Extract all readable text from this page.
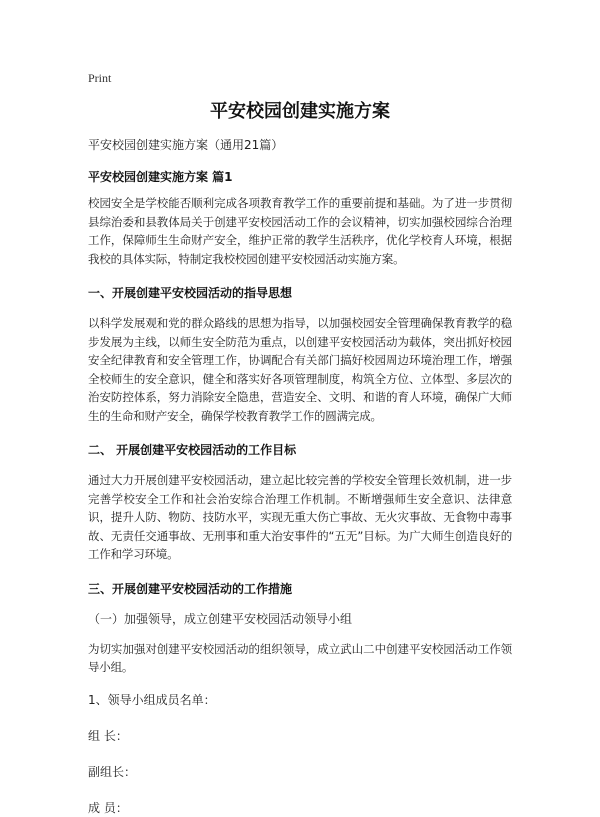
Print
平安校园创建实施方案
平安校园创建实施方案（通用21篇）
平安校园创建实施方案 篇1
校园安全是学校能否顺利完成各项教育教学工作的重要前提和基础。为了进一步贯彻县综治委和县教体局关于创建平安校园活动工作的会议精神，切实加强校园综合治理工作，保障师生生命财产安全，维护正常的教学生活秩序，优化学校育人环境，根据我校的具体实际，特制定我校校园创建平安校园活动实施方案。
一、开展创建平安校园活动的指导思想
以科学发展观和党的群众路线的思想为指导，以加强校园安全管理确保教育教学的稳步发展为主线，以师生安全防范为重点，以创建平安校园活动为载体，突出抓好校园安全纪律教育和安全管理工作，协调配合有关部门搞好校园周边环境治理工作，增强全校师生的安全意识，健全和落实好各项管理制度，构筑全方位、立体型、多层次的治安防控体系，努力消除安全隐患，营造安全、文明、和谐的育人环境，确保广大师生的生命和财产安全，确保学校教育教学工作的圆满完成。
二、 开展创建平安校园活动的工作目标
通过大力开展创建平安校园活动，建立起比较完善的学校安全管理长效机制，进一步完善学校安全工作和社会治安综合治理工作机制。不断增强师生安全意识、法律意识，提升人防、物防、技防水平，实现无重大伤亡事故、无火灾事故、无食物中毒事故、无责任交通事故、无刑事和重大治安事件的“五无”目标。为广大师生创造良好的工作和学习环境。
三、开展创建平安校园活动的工作措施
（一）加强领导，成立创建平安校园活动领导小组
为切实加强对创建平安校园活动的组织领导，成立武山二中创建平安校园活动工作领导小组。
1、领导小组成员名单：
组 长：
副组长：
成 员：
